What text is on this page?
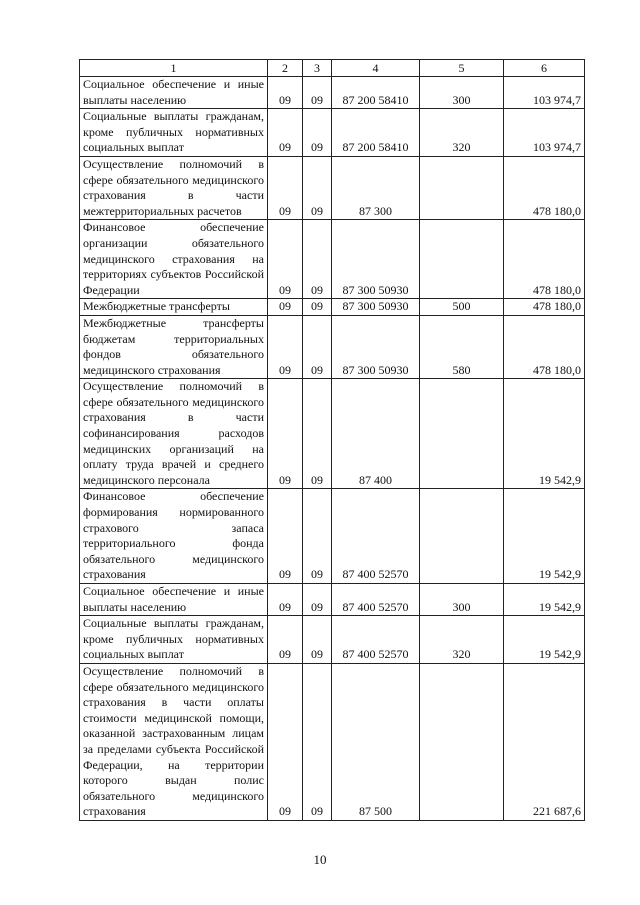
1	2	3	4	5	6
Социальное обеспечение и иные выплаты населению	09	09	87 200 58410	300	103 974,7
Социальные выплаты гражданам, кроме публичных нормативных социальных выплат	09	09	87 200 58410	320	103 974,7
Осуществление полномочий в сфере обязательного медицинского страхования в части межтерриториальных расчетов	09	09	87 300		478 180,0
Финансовое обеспечение организации обязательного медицинского страхования на территориях субъектов Российской Федерации	09	09	87 300 50930		478 180,0
Межбюджетные трансферты	09	09	87 300 50930	500	478 180,0
Межбюджетные трансферты бюджетам территориальных фондов обязательного медицинского страхования	09	09	87 300 50930	580	478 180,0
Осуществление полномочий в сфере обязательного медицинского страхования в части софинансирования расходов медицинских организаций на оплату труда врачей и среднего медицинского персонала	09	09	87 400		19 542,9
Финансовое обеспечение формирования нормированного страхового запаса территориального фонда обязательного медицинского страхования	09	09	87 400 52570		19 542,9
Социальное обеспечение и иные выплаты населению	09	09	87 400 52570	300	19 542,9
Социальные выплаты гражданам, кроме публичных нормативных социальных выплат	09	09	87 400 52570	320	19 542,9
Осуществление полномочий в сфере обязательного медицинского страхования в части оплаты стоимости медицинской помощи, оказанной застрахованным лицам за пределами субъекта Российской Федерации, на территории которого выдан полис обязательного медицинского страхования	09	09	87 500		221 687,6
10
